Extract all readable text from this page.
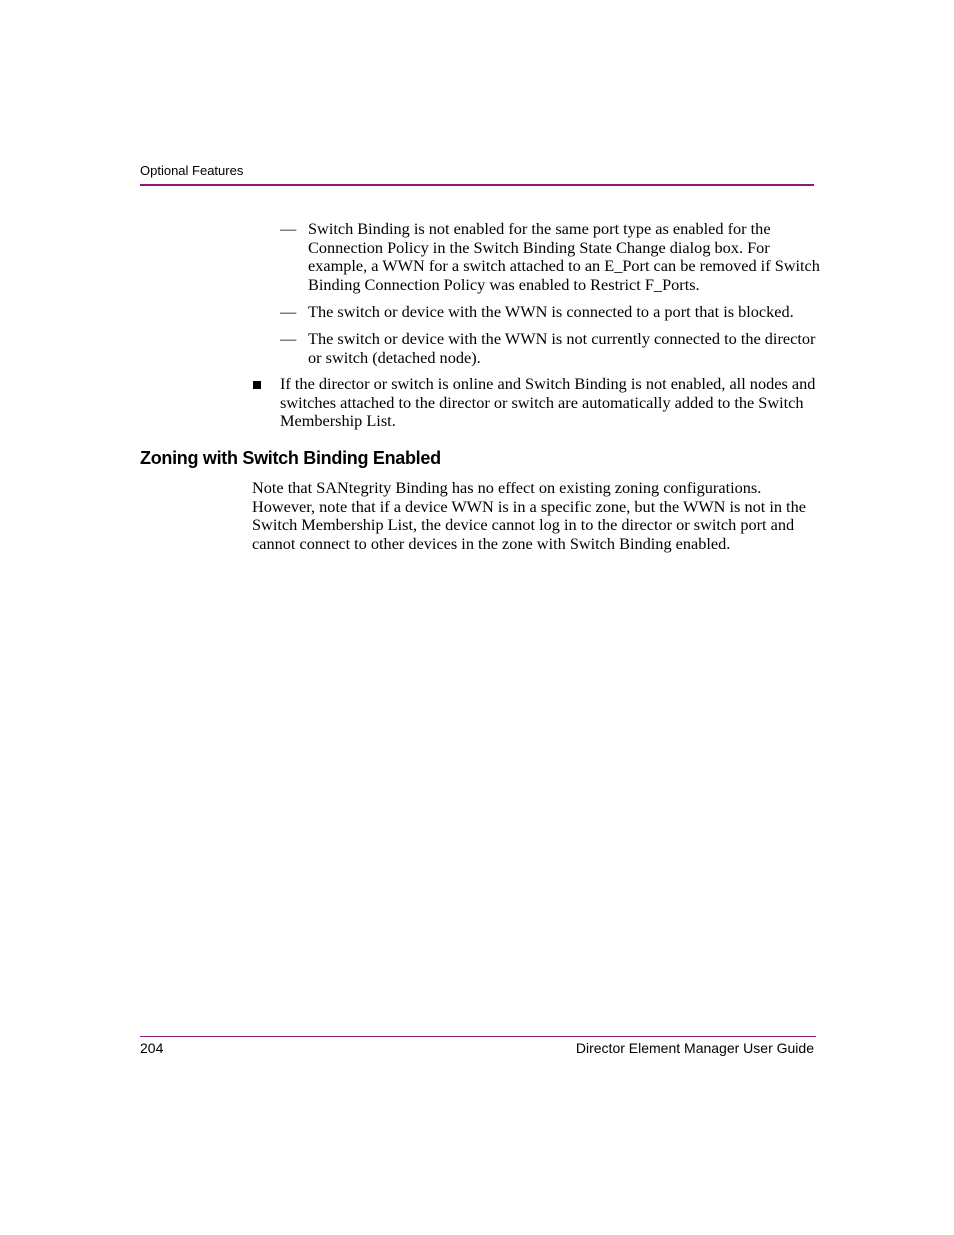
Optional Features
— Switch Binding is not enabled for the same port type as enabled for the Connection Policy in the Switch Binding State Change dialog box. For example, a WWN for a switch attached to an E_Port can be removed if Switch Binding Connection Policy was enabled to Restrict F_Ports.
— The switch or device with the WWN is connected to a port that is blocked.
— The switch or device with the WWN is not currently connected to the director or switch (detached node).
If the director or switch is online and Switch Binding is not enabled, all nodes and switches attached to the director or switch are automatically added to the Switch Membership List.
Zoning with Switch Binding Enabled
Note that SANtegrity Binding has no effect on existing zoning configurations. However, note that if a device WWN is in a specific zone, but the WWN is not in the Switch Membership List, the device cannot log in to the director or switch port and cannot connect to other devices in the zone with Switch Binding enabled.
204	Director Element Manager User Guide
